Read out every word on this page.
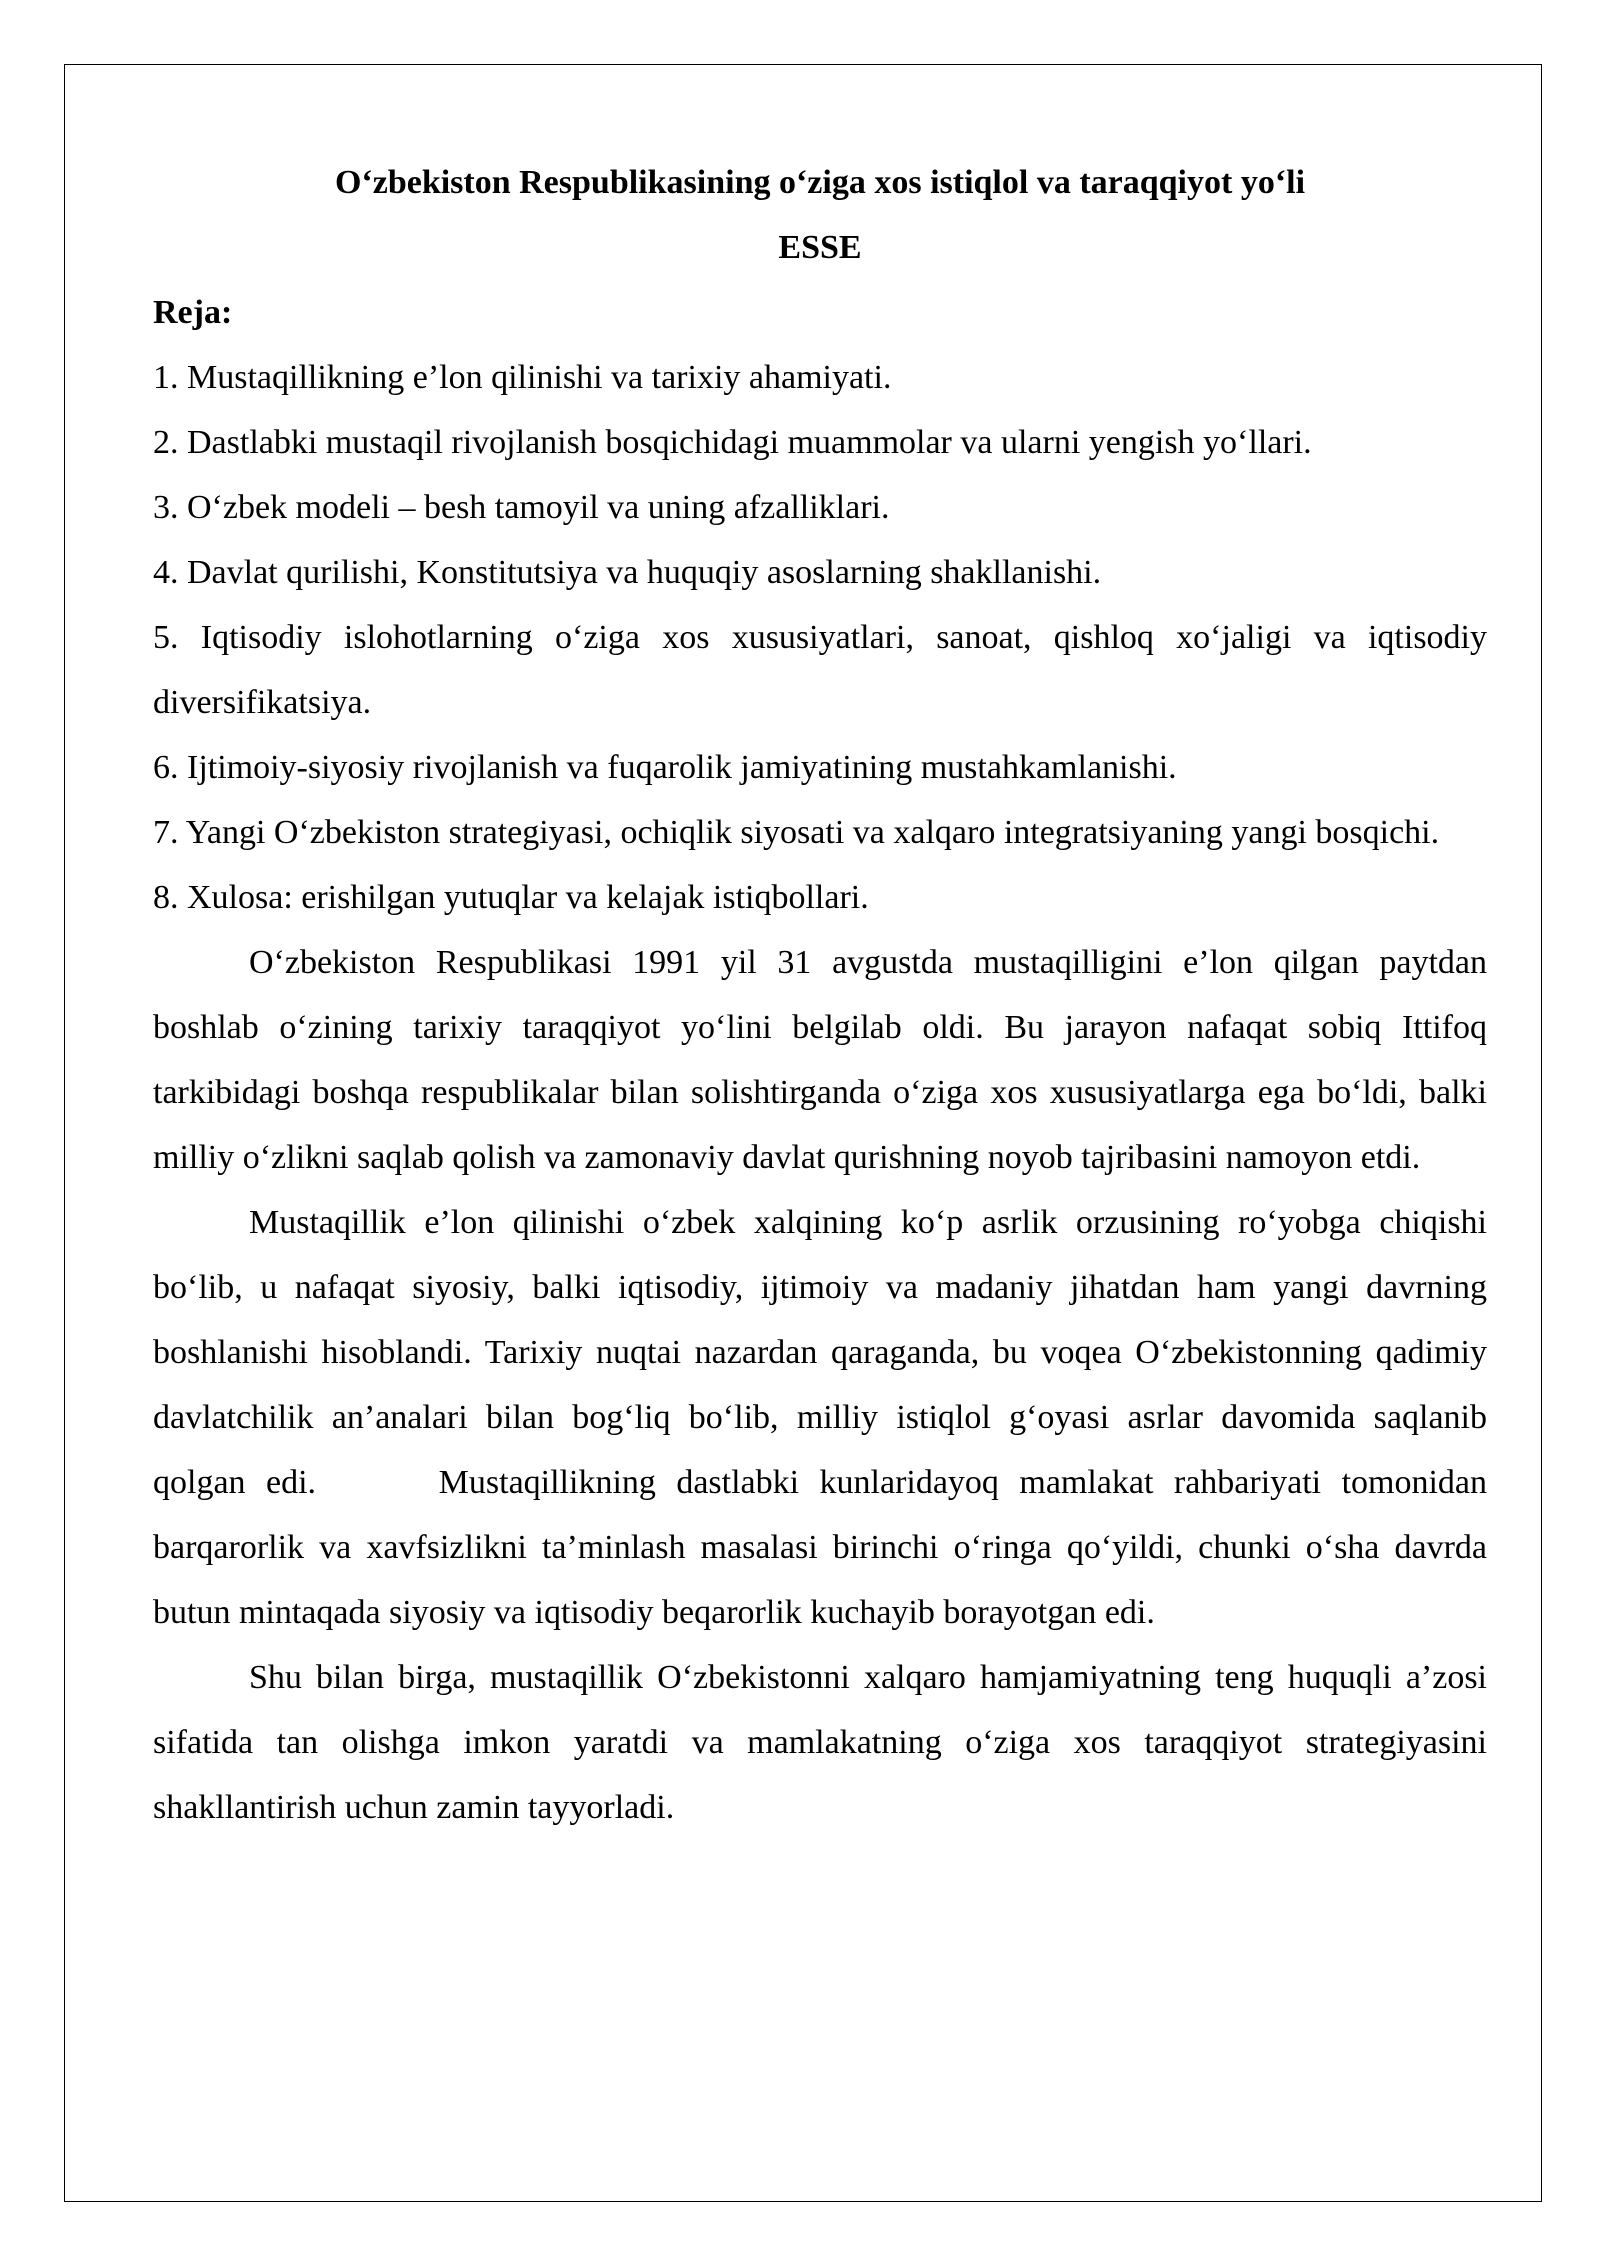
O‘zbekiston Respublikasining o‘ziga xos istiqlol va taraqqiyot yo‘li

ESSE

Reja:

1. Mustaqillikning e’lon qilinishi va tarixiy ahamiyati.
2. Dastlabki mustaqil rivojlanish bosqichidagi muammolar va ularni yengish yo‘llari.
3. O‘zbek modeli – besh tamoyil va uning afzalliklari.
4. Davlat qurilishi, Konstitutsiya va huquqiy asoslarning shakllanishi.
5. Iqtisodiy islohotlarning o‘ziga xos xususiyatlari, sanoat, qishloq xo‘jaligi va iqtisodiy diversifikatsiya.
6. Ijtimoiy-siyosiy rivojlanish va fuqarolik jamiyatining mustahkamlanishi.
7. Yangi O‘zbekiston strategiyasi, ochiqlik siyosati va xalqaro integratsiyaning yangi bosqichi.
8. Xulosa: erishilgan yutuqlar va kelajak istiqbollari.

O‘zbekiston Respublikasi 1991 yil 31 avgustda mustaqilligini e’lon qilgan paytdan boshlab o‘zining tarixiy taraqqiyot yo‘lini belgilab oldi. Bu jarayon nafaqat sobiq Ittifoq tarkibidagi boshqa respublikalar bilan solishtirganda o‘ziga xos xususiyatlarga ega bo‘ldi, balki milliy o‘zlikni saqlab qolish va zamonaviy davlat qurishning noyob tajribasini namoyon etdi.

Mustaqillik e’lon qilinishi o‘zbek xalqining ko‘p asrlik orzusining ro‘yobga chiqishi bo‘lib, u nafaqat siyosiy, balki iqtisodiy, ijtimoiy va madaniy jihatdan ham yangi davrning boshlanishi hisoblandi. Tarixiy nuqtai nazardan qaraganda, bu voqea O‘zbekistonning qadimiy davlatchilik an’analari bilan bog‘liq bo‘lib, milliy istiqlol g‘oyasi asrlar davomida saqlanib qolgan edi.      Mustaqillikning dastlabki kunlaridayoq mamlakat rahbariyati tomonidan barqarorlik va xavfsizlikni ta’minlash masalasi birinchi o‘ringa qo‘yildi, chunki o‘sha davrda butun mintaqada siyosiy va iqtisodiy beqarorlik kuchayib borayotgan edi.

Shu bilan birga, mustaqillik O‘zbekistonni xalqaro hamjamiyatning teng huquqli a’zosi sifatida tan olishga imkon yaratdi va mamlakatning o‘ziga xos taraqqiyot strategiyasini shakllantirish uchun zamin tayyorladi.
